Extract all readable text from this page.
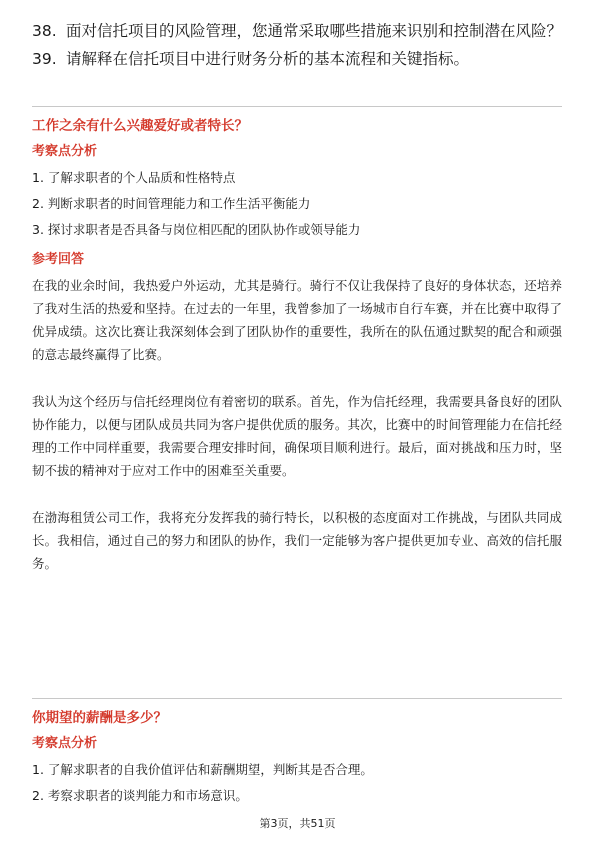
38. 面对信托项目的风险管理，您通常采取哪些措施来识别和控制潜在风险？
39. 请解释在信托项目中进行财务分析的基本流程和关键指标。
工作之余有什么兴趣爱好或者特长？
考察点分析
1. 了解求职者的个人品质和性格特点
2. 判断求职者的时间管理能力和工作生活平衡能力
3. 探讨求职者是否具备与岗位相匹配的团队协作或领导能力
参考回答
在我的业余时间，我热爱户外运动，尤其是骑行。骑行不仅让我保持了良好的身体状态，还培养了我对生活的热爱和坚持。在过去的一年里，我曾参加了一场城市自行车赛，并在比赛中取得了优异成绩。这次比赛让我深刻体会到了团队协作的重要性，我所在的队伍通过默契的配合和顽强的意志最终赢得了比赛。
我认为这个经历与信托经理岗位有着密切的联系。首先，作为信托经理，我需要具备良好的团队协作能力，以便与团队成员共同为客户提供优质的服务。其次，比赛中的时间管理能力在信托经理的工作中同样重要，我需要合理安排时间，确保项目顺利进行。最后，面对挑战和压力时，坚韧不拔的精神对于应对工作中的困难至关重要。
在渤海租赁公司工作，我将充分发挥我的骑行特长，以积极的态度面对工作挑战，与团队共同成长。我相信，通过自己的努力和团队的协作，我们一定能够为客户提供更加专业、高效的信托服务。
你期望的薪酬是多少？
考察点分析
1. 了解求职者的自我价值评估和薪酬期望，判断其是否合理。
2. 考察求职者的谈判能力和市场意识。
第3页，共51页
